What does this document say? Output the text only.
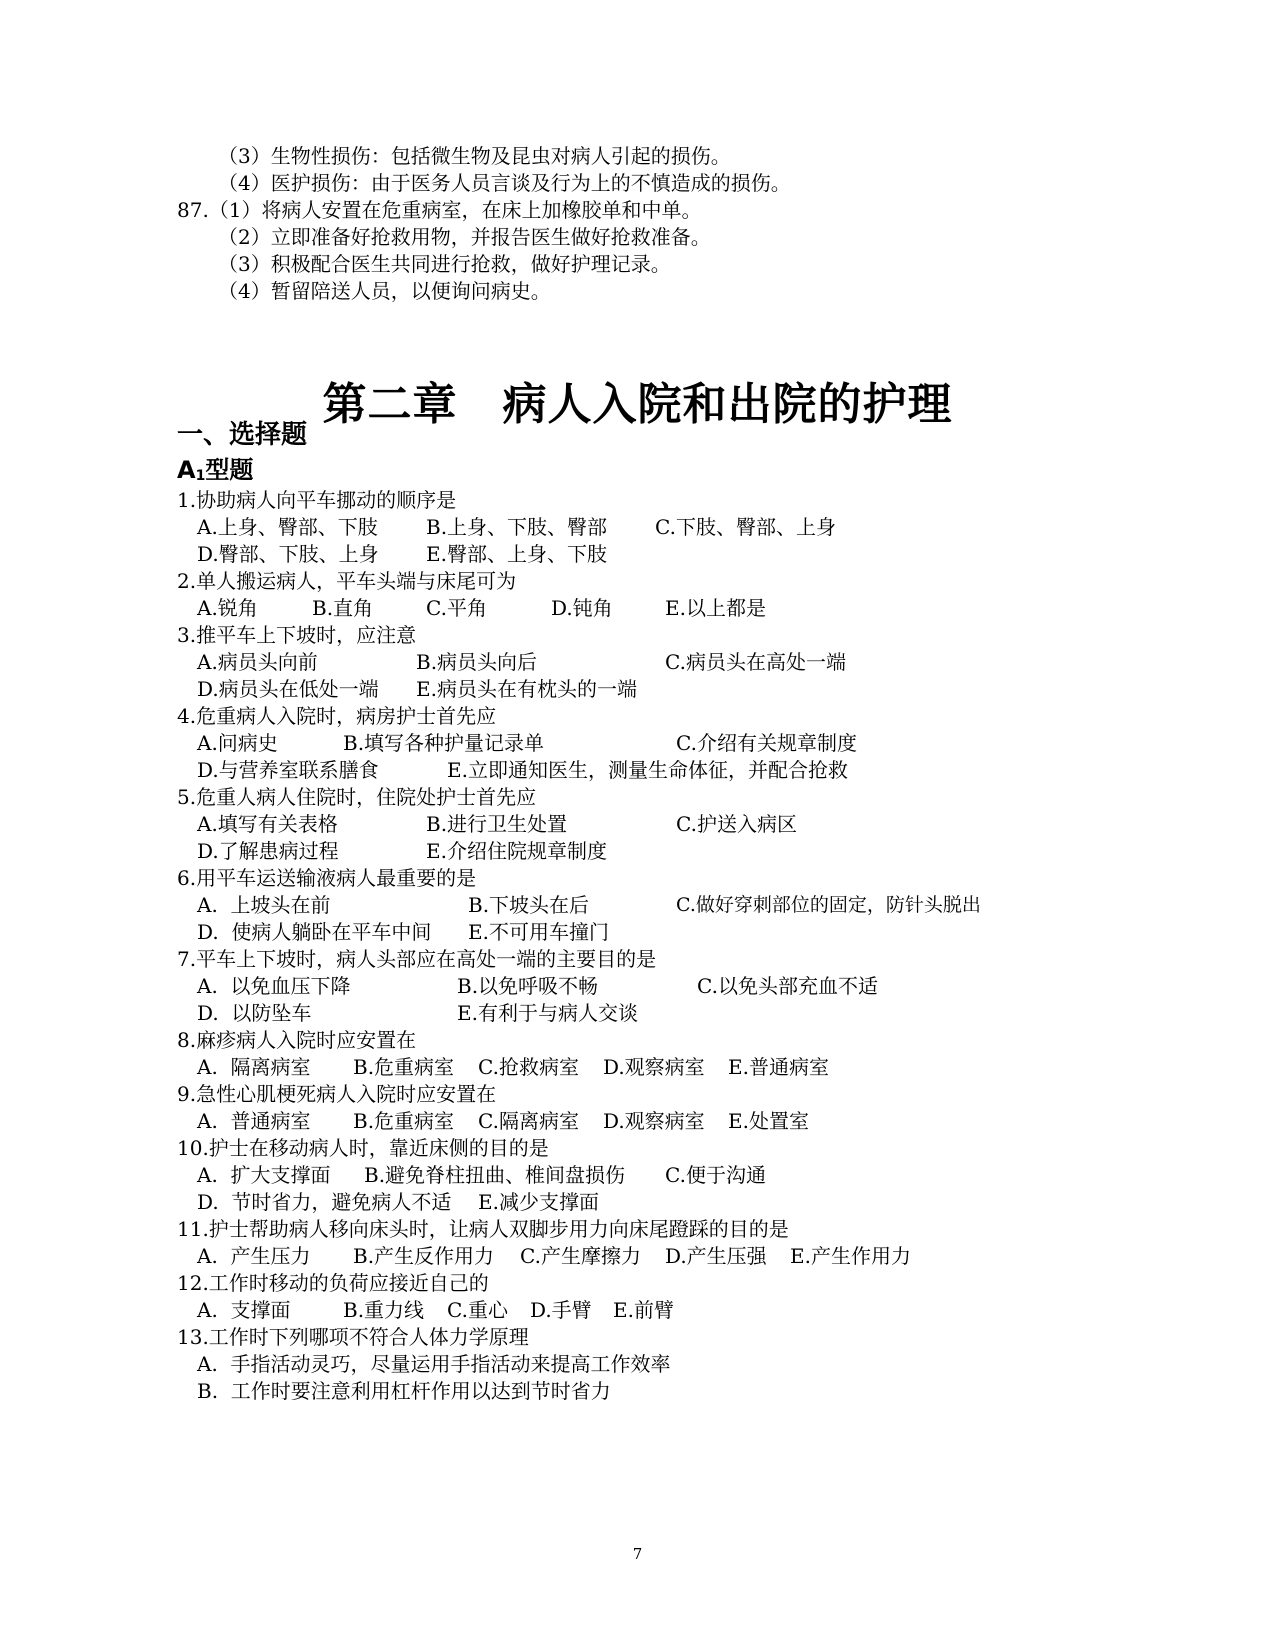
（3）生物性损伤：包括微生物及昆虫对病人引起的损伤。
（4）医护损伤：由于医务人员言谈及行为上的不慎造成的损伤。
87.（1）将病人安置在危重病室，在床上加橡胶单和中单。
（2）立即准备好抢救用物，并报告医生做好抢救准备。
（3）积极配合医生共同进行抢救，做好护理记录。
（4）暂留陪送人员，以便询问病史。
第二章　病人入院和出院的护理
一、选择题
$A_1$型题
1.协助病人向平车挪动的顺序是
A.上身、臀部、下肢 B.上身、下肢、臀部 C.下肢、臀部、上身
D.臀部、下肢、上身 E.臀部、上身、下肢
2.单人搬运病人，平车头端与床尾可为
A.锐角	B.直角	C.平角	D.钝角	E.以上都是
3.推平车上下坡时，应注意
A.病员头向前	B.病员头向后	C.病员头在高处一端
D.病员头在低处一端 E.病员头在有枕头的一端
4.危重病人入院时，病房护士首先应
A.问病史	B.填写各种护量记录单	C.介绍有关规章制度
D.与营养室联系膳食	E.立即通知医生，测量生命体征，并配合抢救
5.危重人病人住院时，住院处护士首先应
A.填写有关表格	B.进行卫生处置	C.护送入病区
D.了解患病过程	E.介绍住院规章制度
6.用平车运送输液病人最重要的是
A.  上坡头在前	B.下坡头在后	C.做好穿刺部位的固定，防针头脱出
D.  使病人躺卧在平车中间 E.不可用车撞门
7.平车上下坡时，病人头部应在高处一端的主要目的是
A.  以免血压下降	B.以免呼吸不畅	C.以免头部充血不适
D.  以防坠车	E.有利于与病人交谈
8.麻疹病人入院时应安置在
A.  隔离病室 B.危重病室 C.抢救病室 D.观察病室 E.普通病室
9.急性心肌梗死病人入院时应安置在
A.  普通病室 B.危重病室 C.隔离病室 D.观察病室 E.处置室
10.护士在移动病人时，靠近床侧的目的是
A.  扩大支撑面 B.避免脊柱扭曲、椎间盘损伤 C.便于沟通
D.  节时省力，避免病人不适 E.减少支撑面
11.护士帮助病人移向床头时，让病人双脚步用力向床尾蹬踩的目的是
A.  产生压力 B.产生反作用力 C.产生摩擦力 D.产生压强 E.产生作用力
12.工作时移动的负荷应接近自己的
A.  支撑面	B.重力线 C.重心 D.手臂 E.前臂
13.工作时下列哪项不符合人体力学原理
A.  手指活动灵巧，尽量运用手指活动来提高工作效率
B.  工作时要注意利用杠杆作用以达到节时省力
7
